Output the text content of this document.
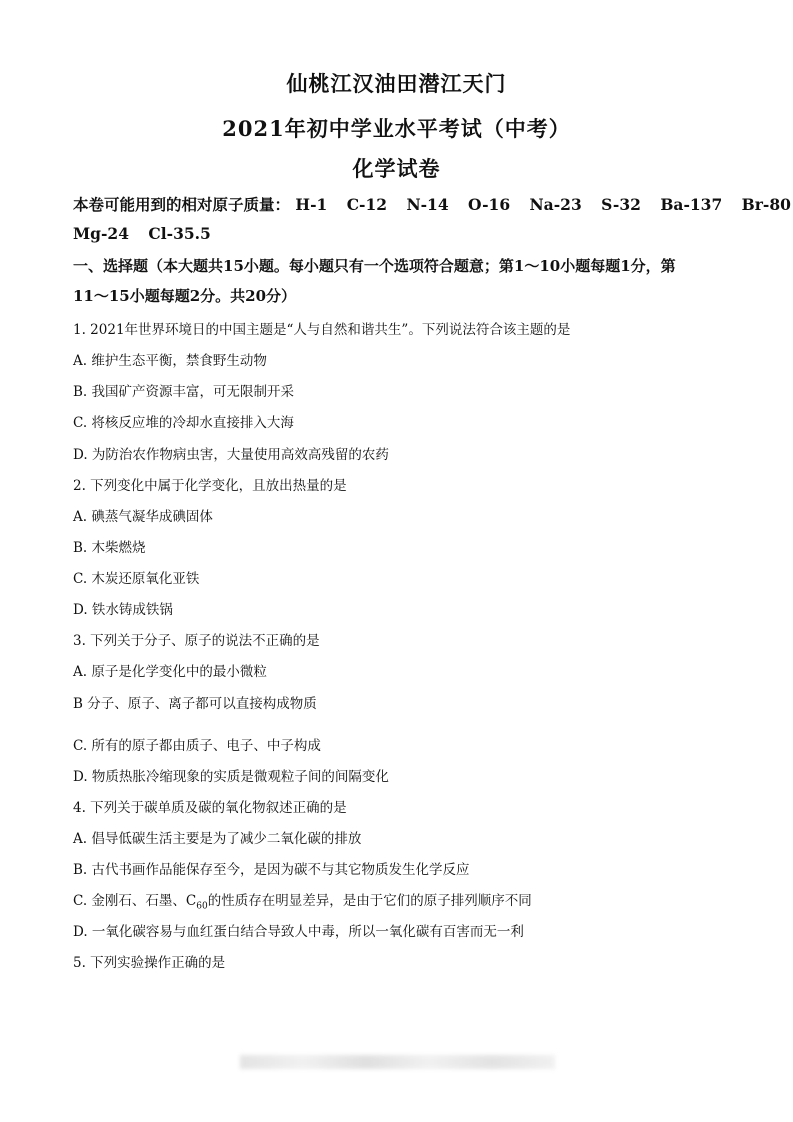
仙桃江汉油田潜江天门
2021年初中学业水平考试（中考）
化学试卷
本卷可能用到的相对原子质量： H-1 C-12 N-14 O-16 Na-23 S-32 Ba-137 Br-80
Mg-24 Cl-35.5
一、选择题（本大题共15小题。每小题只有一个选项符合题意；第1～10小题每题1分，第
11～15小题每题2分。共20分）
1. 2021年世界环境日的中国主题是“人与自然和谐共生”。下列说法符合该主题的是
A. 维护生态平衡，禁食野生动物
B. 我国矿产资源丰富，可无限制开采
C. 将核反应堆的冷却水直接排入大海
D. 为防治农作物病虫害，大量使用高效高残留的农药
2. 下列变化中属于化学变化，且放出热量的是
A. 碘蒸气凝华成碘固体
B. 木柴燃烧
C. 木炭还原氧化亚铁
D. 铁水铸成铁锅
3. 下列关于分子、原子的说法不正确的是
A. 原子是化学变化中的最小微粒
B 分子、原子、离子都可以直接构成物质
C. 所有的原子都由质子、电子、中子构成
D. 物质热胀冷缩现象的实质是微观粒子间的间隔变化
4. 下列关于碳单质及碳的氧化物叙述正确的是
A. 倡导低碳生活主要是为了减少二氧化碳的排放
B. 古代书画作品能保存至今，是因为碳不与其它物质发生化学反应
C. 金刚石、石墨、$C_{60}$的性质存在明显差异，是由于它们的原子排列顺序不同
D. 一氧化碳容易与血红蛋白结合导致人中毒，所以一氧化碳有百害而无一利
5. 下列实验操作正确的是
